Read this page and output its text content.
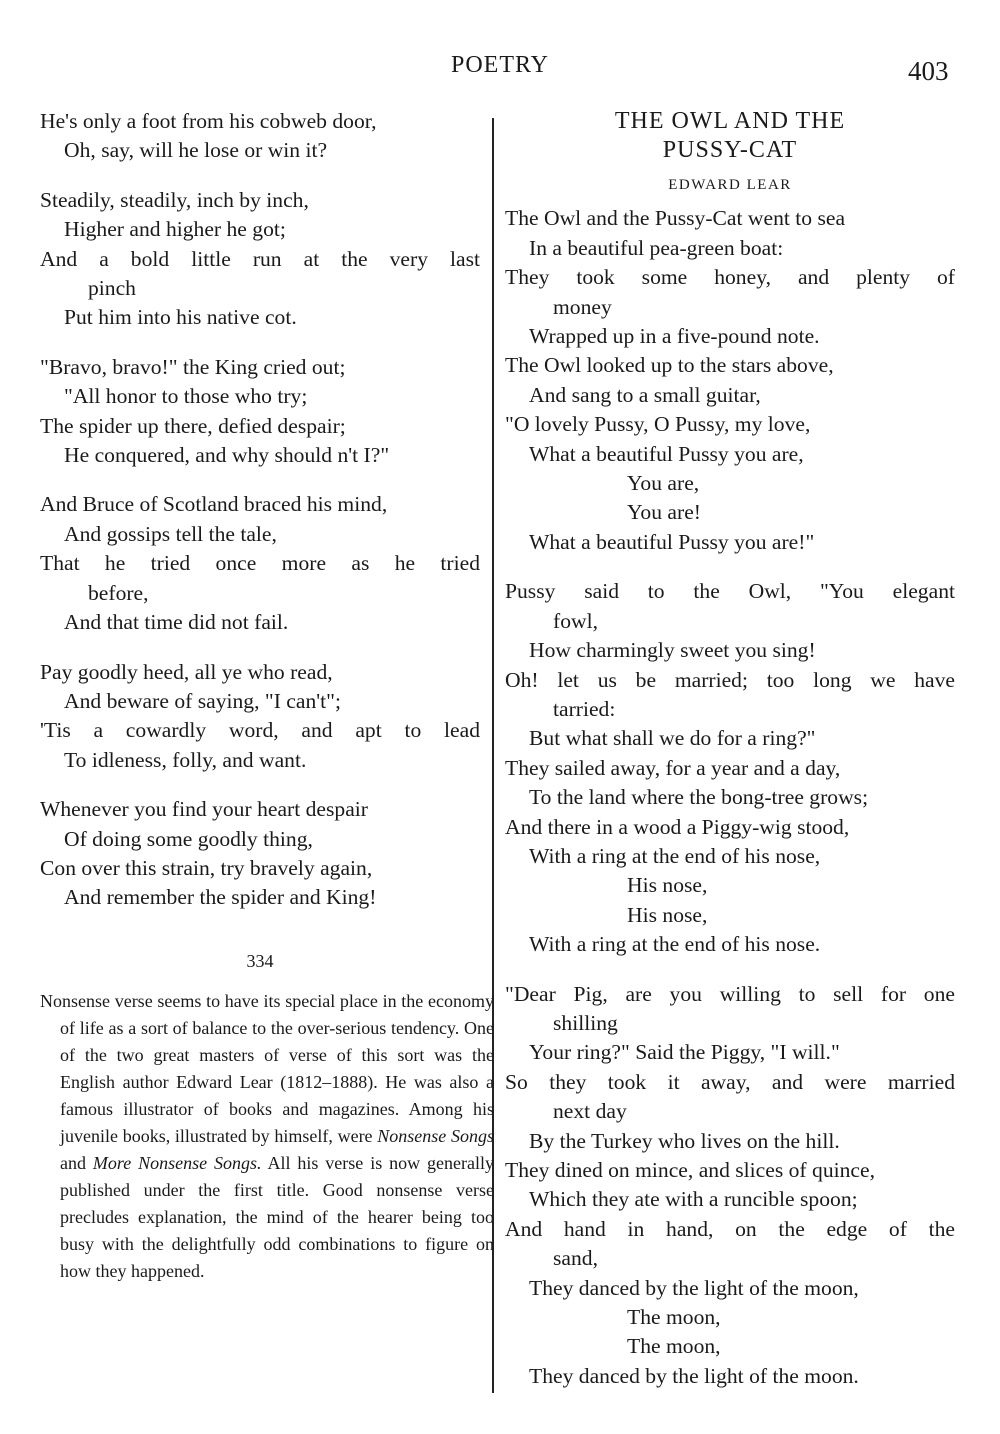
POETRY	403
He's only a foot from his cobweb door,
Oh, say, will he lose or win it?
Steadily, steadily, inch by inch,
Higher and higher he got;
And a bold little run at the very last
pinch
Put him into his native cot.
"Bravo, bravo!" the King cried out;
"All honor to those who try;
The spider up there, defied despair;
He conquered, and why should n't I?"
And Bruce of Scotland braced his mind,
And gossips tell the tale,
That he tried once more as he tried
before,
And that time did not fail.
Pay goodly heed, all ye who read,
And beware of saying, "I can't";
'Tis a cowardly word, and apt to lead
To idleness, folly, and want.
Whenever you find your heart despair
Of doing some goodly thing,
Con over this strain, try bravely again,
And remember the spider and King!
334
Nonsense verse seems to have its special place in the economy of life as a sort of balance to the over-serious tendency. One of the two great masters of verse of this sort was the English author Edward Lear (1812–1888). He was also a famous illustrator of books and magazines. Among his juvenile books, illustrated by himself, were Nonsense Songs and More Nonsense Songs. All his verse is now generally published under the first title. Good nonsense verse precludes explanation, the mind of the hearer being too busy with the delightfully odd combinations to figure on how they happened.
THE OWL AND THE
PUSSY-CAT
EDWARD LEAR
The Owl and the Pussy-Cat went to sea
In a beautiful pea-green boat:
They took some honey, and plenty of
money
Wrapped up in a five-pound note.
The Owl looked up to the stars above,
And sang to a small guitar,
"O lovely Pussy, O Pussy, my love,
What a beautiful Pussy you are,
You are,
You are!
What a beautiful Pussy you are!"
Pussy said to the Owl, "You elegant
fowl,
How charmingly sweet you sing!
Oh! let us be married; too long we have
tarried:
But what shall we do for a ring?"
They sailed away, for a year and a day,
To the land where the bong-tree grows;
And there in a wood a Piggy-wig stood,
With a ring at the end of his nose,
His nose,
His nose,
With a ring at the end of his nose.
"Dear Pig, are you willing to sell for one
shilling
Your ring?" Said the Piggy, "I will."
So they took it away, and were married
next day
By the Turkey who lives on the hill.
They dined on mince, and slices of quince,
Which they ate with a runcible spoon;
And hand in hand, on the edge of the
sand,
They danced by the light of the moon,
The moon,
The moon,
They danced by the light of the moon.
